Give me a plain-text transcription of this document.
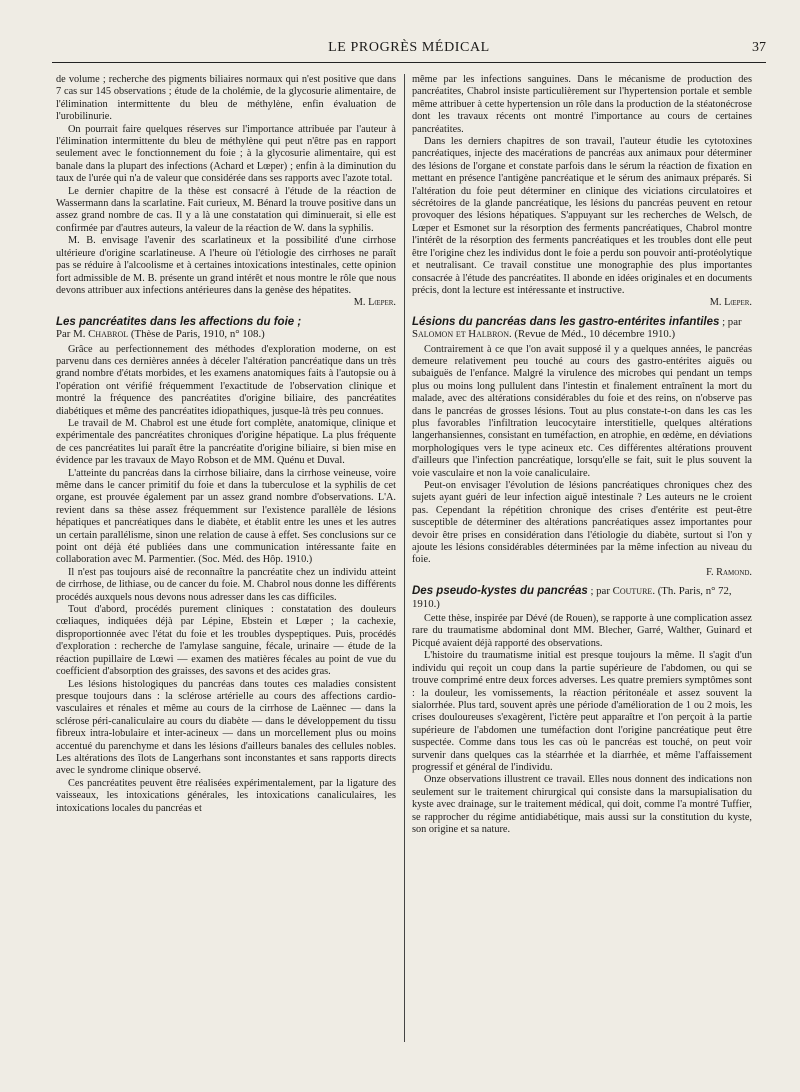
LE PROGRÈS MÉDICAL	37

de volume ; recherche des pigments biliaires normaux qui n'est positive que dans 7 cas sur 145 observations ; étude de la cholémie, de la glycosurie alimentaire, de l'élimination intermittente du bleu de méthylène, enfin évaluation de l'urobilinurie.

On pourrait faire quelques réserves sur l'importance attribuée par l'auteur à l'élimination intermittente du bleu de méthylène qui peut n'être pas en rapport seulement avec le fonctionnement du foie ; à la glycosurie alimentaire, qui est banale dans la plupart des infections (Achard et Lœper) ; enfin à la diminution du taux de l'urée qui n'a de valeur que considérée dans ses rapports avec l'azote total.

Le dernier chapitre de la thèse est consacré à l'étude de la réaction de Wassermann dans la scarlatine. Fait curieux, M. Bénard la trouve positive dans un assez grand nombre de cas. Il y a là une constatation qui diminuerait, si elle est confirmée par d'autres auteurs, la valeur de la réaction de W. dans la syphilis.

M. B. envisage l'avenir des scarlatineux et la possibilité d'une cirrhose ultérieure d'origine scarlatineuse. A l'heure où l'étiologie des cirrhoses ne paraît pas se réduire à l'alcoolisme et à certaines intoxications intestinales, cette opinion fort admissible de M. B. présente un grand intérêt et nous montre le rôle que nous devons attribuer aux infections antérieures dans la genèse des hépatites.

M. Lœper.
Les pancréatites dans les affections du foie ;
Par M. Chabrol (Thèse de Paris, 1910, n° 108.)

Grâce au perfectionnement des méthodes d'exploration moderne, on est parvenu dans ces dernières années à déceler l'altération pancréatique dans un très grand nombre d'états morbides, et les examens anatomiques faits à l'autopsie ou à l'opération ont vérifié fréquemment l'exactitude de l'observation clinique et montré la fréquence des pancréatites d'origine biliaire, des pancréatites diabétiques et même des pancréatites idiopathiques, jusque-là très peu connues.

Le travail de M. Chabrol est une étude fort complète, anatomique, clinique et expérimentale des pancréatites chroniques d'origine hépatique. La plus fréquente de ces pancréatites lui paraît être la pancréatite d'origine biliaire, si bien mise en évidence par les travaux de Mayo Robson et de MM. Quénu et Duval.

L'atteinte du pancréas dans la cirrhose biliaire, dans la cirrhose veineuse, voire même dans le cancer primitif du foie et dans la tuberculose et la syphilis de cet organe, est prouvée également par un assez grand nombre d'observations. L'A. revient dans sa thèse assez fréquemment sur l'existence parallèle de lésions hépatiques et pancréatiques dans le diabète, et établit entre les unes et les autres un certain parallélisme, sinon une relation de cause à effet. Ses conclusions sur ce point ont déjà été publiées dans une communication intéressante faite en collaboration avec M. Parmentier. (Soc. Méd. des Hôp. 1910.)

Il n'est pas toujours aisé de reconnaître la pancréatite chez un individu atteint de cirrhose, de lithiase, ou de cancer du foie. M. Chabrol nous donne les différents procédés auxquels nous devons nous adresser dans les cas difficiles.

Tout d'abord, procédés purement cliniques : constatation des douleurs cœliaques, indiquées déjà par Lépine, Ebstein et Lœper ; la cachexie, disproportionnée avec l'état du foie et les troubles dyspeptiques. Puis, procédés d'exploration : recherche de l'amylase sanguine, fécale, urinaire — étude de la réaction pupillaire de Lœwi — examen des matières fécales au point de vue du coefficient d'absorption des graisses, des savons et des acides gras.

Les lésions histologiques du pancréas dans toutes ces maladies consistent presque toujours dans : la sclérose artérielle au cours des affections cardio-vasculaires et rénales et même au cours de la cirrhose de Laënnec — dans la sclérose péri-canaliculaire au cours du diabète — dans le développement du tissu fibreux intra-lobulaire et inter-acineux — dans un morcellement plus ou moins accentué du parenchyme et dans les lésions d'ailleurs banales des cellules nobles. Les altérations des îlots de Langerhans sont inconstantes et sans rapports directs avec le syndrome clinique observé.

Ces pancréatites peuvent être réalisées expérimentalement, par la ligature des vaisseaux, les intoxications générales, les intoxications canaliculaires, les intoxications locales du pancréas et

même par les infections sanguines. Dans le mécanisme de production des pancréatites, Chabrol insiste particulièrement sur l'hypertension portale et semble même attribuer à cette hypertension un rôle dans la production de la stéatonécrose dont les travaux récents ont montré l'importance au cours de certaines pancréatites.

Dans les derniers chapitres de son travail, l'auteur étudie les cytotoxines pancréatiques, injecte des macérations de pancréas aux animaux pour déterminer des lésions de l'organe et constate parfois dans le sérum la réaction de fixation en mettant en présence l'antigène pancréatique et le sérum des animaux préparés. Si l'altération du foie peut déterminer en clinique des viciations circulatoires et sécrétoires de la glande pancréatique, les lésions du pancréas peuvent en retour provoquer des lésions hépatiques. S'appuyant sur les recherches de Welsch, de Lœper et Esmonet sur la résorption des ferments pancréatiques, Chabrol montre l'intérêt de la résorption des ferments pancréatiques et les troubles dont elle peut être l'origine chez les individus dont le foie a perdu son pouvoir anti-protéolytique et neutralisant. Ce travail constitue une monographie des plus importantes consacrée à l'étude des pancréatites. Il abonde en idées originales et en documents précis, dont la lecture est intéressante et instructive.

M. Lœper.
Lésions du pancréas dans les gastro-entérites infantiles ; par Salomon et Halbron. (Revue de Méd., 10 décembre 1910.)

Contrairement à ce que l'on avait supposé il y a quelques années, le pancréas demeure relativement peu touché au cours des gastro-entérites aiguës ou subaiguës de l'enfance. Malgré la virulence des microbes qui pendant un temps plus ou moins long pullulent dans l'intestin et finalement entraînent la mort du malade, avec des altérations considérables du foie et des reins, on n'observe pas dans le pancréas de grosses lésions. Tout au plus constate-t-on dans les cas les plus favorables l'infiltration leucocytaire interstitielle, quelques altérations langerhansiennes, consistant en tuméfaction, en atrophie, en œdème, en déviations morphologiques vers le type acineux etc. Ces différentes altérations prouvent d'ailleurs que l'infection pancréatique, lorsqu'elle se fait, suit le plus souvent la voie vasculaire et non la voie canaliculaire.

Peut-on envisager l'évolution de lésions pancréatiques chroniques chez des sujets ayant guéri de leur infection aiguë intestinale ? Les auteurs ne le croient pas. Cependant la répétition chronique des crises d'entérite est peut-être susceptible de déterminer des altérations pancréatiques assez importantes pour devoir être prises en considération dans l'étiologie du diabète, surtout si l'on y ajoute les lésions considérables déterminées par la même infection au niveau du foie.

F. Ramond.
Des pseudo-kystes du pancréas ; par Couture. (Th. Paris, n° 72, 1910.)

Cette thèse, inspirée par Dévé (de Rouen), se rapporte à une complication assez rare du traumatisme abdominal dont MM. Blecher, Garré, Walther, Guinard et Picqué avaient déjà rapporté des observations.

L'histoire du traumatisme initial est presque toujours la même. Il s'agit d'un individu qui reçoit un coup dans la partie supérieure de l'abdomen, ou qui se trouve comprimé entre deux forces adverses. Les quatre premiers symptômes sont : la douleur, les vomissements, la réaction péritonéale et assez souvent la sialorrhée. Plus tard, souvent après une période d'amélioration de 1 ou 2 mois, les crises douloureuses s'exagèrent, l'ictère peut apparaître et l'on perçoit à la partie supérieure de l'abdomen une tuméfaction dont l'origine pancréatique peut être suspectée. Comme dans tous les cas où le pancréas est touché, on peut voir survenir dans quelques cas la stéarrhée et la diarrhée, et même l'affaissement progressif et général de l'individu.

Onze observations illustrent ce travail. Elles nous donnent des indications non seulement sur le traitement chirurgical qui consiste dans la marsupialisation du kyste avec drainage, sur le traitement médical, qui doit, comme l'a montré Tuffier, se rapprocher du régime antidiabétique, mais aussi sur la constitution du kyste, son origine et sa nature.
